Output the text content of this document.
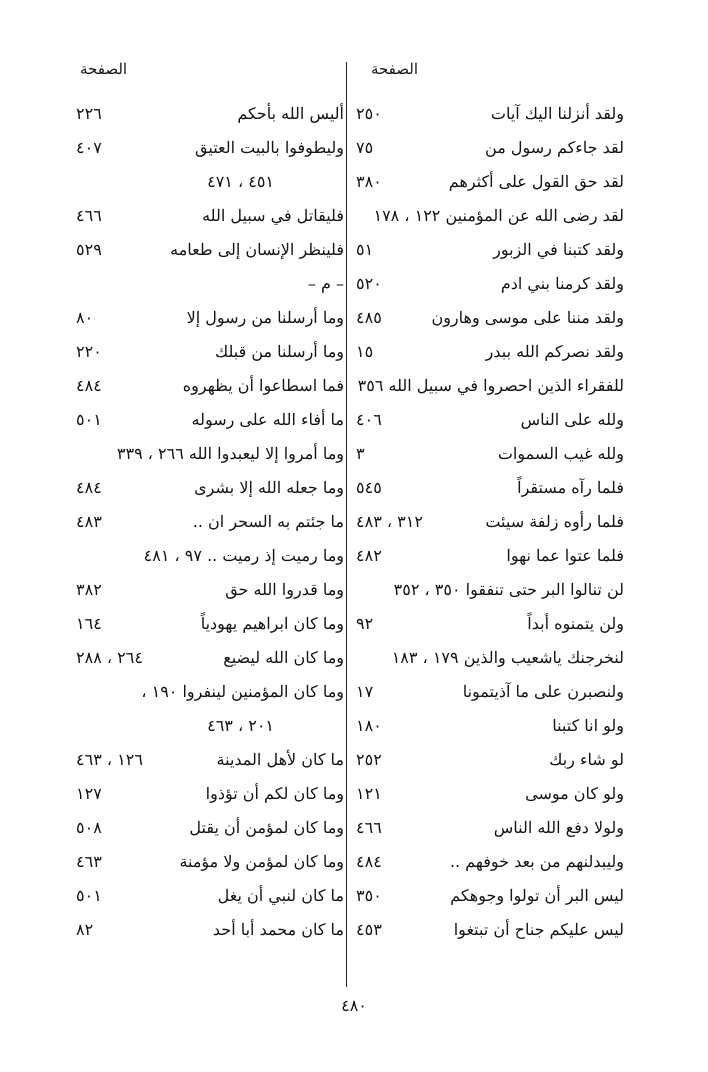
الصفحة
الصفحة
ولقد أنزلنا اليك آيات
٢٥٠
لقد جاءكم رسول من
٧٥
لقد حق القول على أكثرهم
٣٨٠
لقد رضى الله عن المؤمنين ١٢٢ ، ١٧٨
ولقد كتبنا في الزبور
٥١
ولقد كرمنا بني ادم
٥٢٠
ولقد مننا على موسى وهارون
٤٨٥
ولقد نصركم الله ببدر
١٥
للفقراء الذين احصروا في سبيل الله ٣٥٦
ولله على الناس
٤٠٦
ولله غيب السموات
٣
فلما رآه مستقراً
٥٤٥
فلما رأوه زلفة سيئت
٣١٢ ، ٤٨٣
فلما عتوا عما نهوا
٤٨٢
لن تنالوا البر حتى تنفقوا ٣٥٠ ، ٣٥٢
ولن يتمنوه أبداً
٩٢
لنخرجنك ياشعيب والذين ١٧٩ ، ١٨٣
ولنصبرن على ما آذيتمونا
١٧
ولو انا كتبنا
١٨٠
لو شاء ربك
٢٥٢
ولو كان موسى
١٢١
ولولا دفع الله الناس
٤٦٦
وليبدلنهم من بعد خوفهم ..
٤٨٤
ليس البر أن تولوا وجوهكم
٣٥٠
ليس عليكم جناح أن تبتغوا
٤٥٣
أليس الله بأحكم
٢٢٦
وليطوفوا بالبيت العتيق
٤٠٧
٤٥١ ، ٤٧١
فليقاتل في سبيل الله
٤٦٦
فلينظر الإنسان إلى طعامه
٥٢٩
– م –
وما أرسلنا من رسول إلا
٨٠
وما أرسلنا من قبلك
٢٢٠
فما اسطاعوا أن يظهروه
٤٨٤
ما أفاء الله على رسوله
٥٠١
وما أمروا إلا ليعبدوا الله ٢٦٦ ، ٣٣٩
وما جعله الله إلا بشرى
٤٨٤
ما جئتم به السحر ان ..
٤٨٣
وما رميت إذ رميت .. ٩٧ ، ٤٨١
وما قدروا الله حق
٣٨٢
وما كان ابراهيم يهودياً
١٦٤
وما كان الله ليضيع
٢٦٤ ، ٢٨٨
وما كان المؤمنين لينفروا ١٩٠ ،
٢٠١ ، ٤٦٣
ما كان لأهل المدينة
١٢٦ ، ٤٦٣
وما كان لكم أن تؤذوا
١٢٧
وما كان لمؤمن أن يقتل
٥٠٨
وما كان لمؤمن ولا مؤمنة
٤٦٣
ما كان لنبي أن يغل
٥٠١
ما كان محمد أبا أحد
٨٢
٤٨٠
